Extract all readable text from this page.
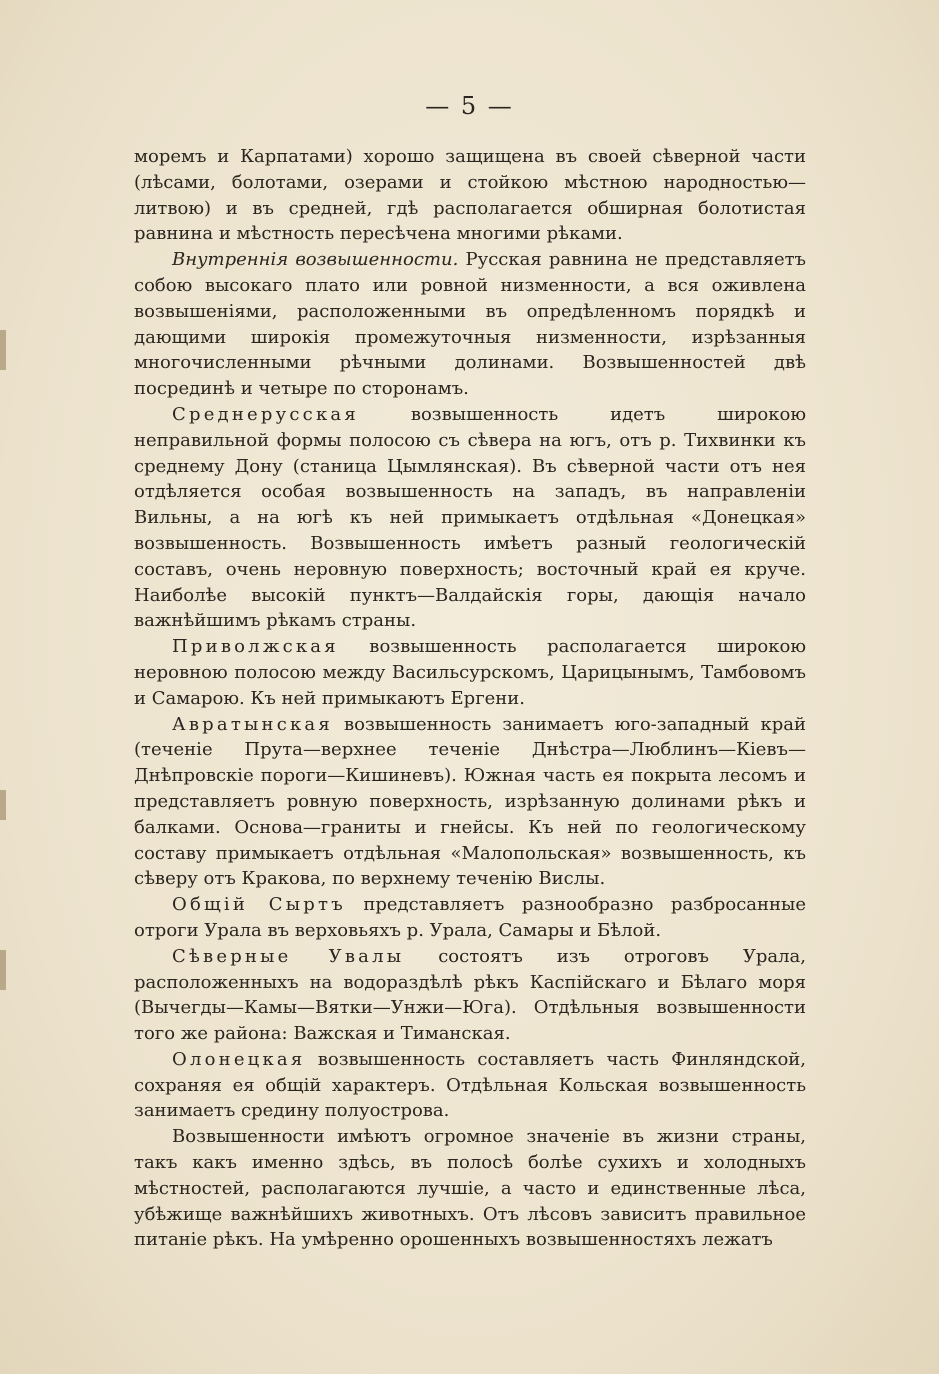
— 5 —

моремъ и Карпатами) хорошо защищена въ своей сѣверной части (лѣсами, болотами, озерами и стойкою мѣстною народностью—литвою) и въ средней, гдѣ располагается обширная болотистая равнина и мѣстность пересѣчена многими рѣками.

Внутреннія возвышенности. Русская равнина не представляетъ собою высокаго плато или ровной низменности, а вся оживлена возвышеніями, расположенными въ опредѣленномъ порядкѣ и дающими широкія промежуточныя низменности, изрѣзанныя многочисленными рѣчными долинами. Возвышенностей двѣ посрединѣ и четыре по сторонамъ.

Среднерусская возвышенность идетъ широкою неправильной формы полосою съ сѣвера на югъ, отъ р. Тихвинки къ среднему Дону (станица Цымлянская). Въ сѣверной части отъ нея отдѣляется особая возвышенность на западъ, въ направленіи Вильны, а на югѣ къ ней примыкаетъ отдѣльная «Донецкая» возвышенность. Возвышенность имѣетъ разный геологическій составъ, очень неровную поверхность; восточный край ея круче. Наиболѣе высокій пунктъ—Валдайскія горы, дающія начало важнѣйшимъ рѣкамъ страны.

Приволжская возвышенность располагается широкою неровною полосою между Васильсурскомъ, Царицынымъ, Тамбовомъ и Самарою. Къ ней примыкаютъ Ергени.

Авратынская возвышенность занимаетъ юго-западный край (теченіе Прута—верхнее теченіе Днѣстра—Люблинъ—Кіевъ—Днѣпровскіе пороги—Кишиневъ). Южная часть ея покрыта лесомъ и представляетъ ровную поверхность, изрѣзанную долинами рѣкъ и балками. Основа—граниты и гнейсы. Къ ней по геологическому составу примыкаетъ отдѣльная «Малопольская» возвышенность, къ сѣверу отъ Кракова, по верхнему теченію Вислы.

Общій Сыртъ представляетъ разнообразно разбросанные отроги Урала въ верховьяхъ р. Урала, Самары и Бѣлой.

Сѣверные Увалы состоятъ изъ отроговъ Урала, расположенныхъ на водораздѣлѣ рѣкъ Каспійскаго и Бѣлаго моря (Вычегды—Камы—Вятки—Унжи—Юга). Отдѣльныя возвышенности того же района: Важская и Тиманская.

Олонецкая возвышенность составляетъ часть Финляндской, сохраняя ея общій характеръ. Отдѣльная Кольская возвышенность занимаетъ средину полуострова.

Возвышенности имѣютъ огромное значеніе въ жизни страны, такъ какъ именно здѣсь, въ полосѣ болѣе сухихъ и холодныхъ мѣстностей, располагаются лучшіе, а часто и единственные лѣса, убѣжище важнѣйшихъ животныхъ. Отъ лѣсовъ зависитъ правильное питаніе рѣкъ. На умѣренно орошенныхъ возвышенностяхъ лежатъ
